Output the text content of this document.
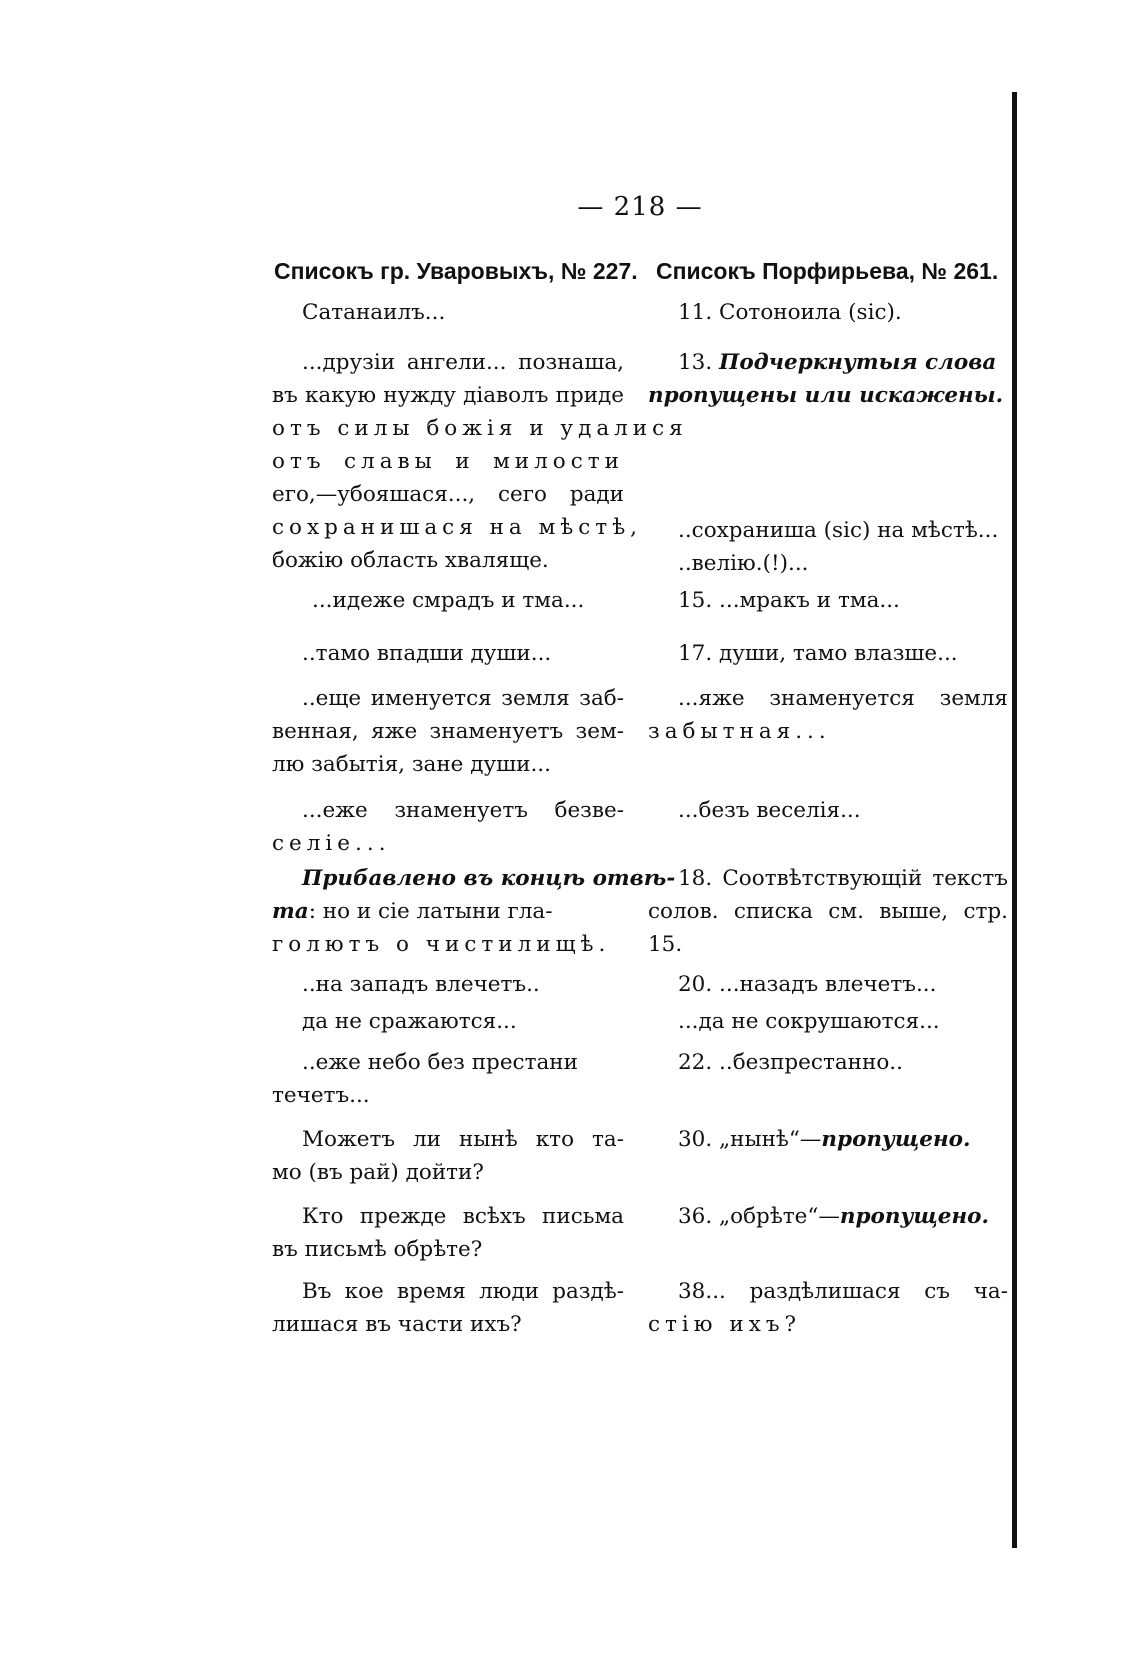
— 218 —
Списокъ гр. Уваровыхъ, № 227. Списокъ Порфирьева, № 261.
Сатанаилъ...
...друзіи ангели... познаша,
въ какую нужду діаволъ приде
отъ силы божія и удалися
отъ славы и милости
его,—убояшася..., сего ради
сохранишася на мѣстѣ,
божію область хваляще.
...идеже смрадъ и тма...
..тамо впадши души...
..еще именуется земля заб-
венная, яже знаменуетъ зем-
лю забытія, зане души...
...еже знаменуетъ безве-
селіе...
Прибавлено въ концѣ отвѣ-
та: но и сіе латыни гла-
голютъ о чистилищѣ.
..на западъ влечетъ..
да не сражаются...
..еже небо без престани
течетъ...
Можетъ ли нынѣ кто та-
мо (въ рай) дойти?
Кто прежде всѣхъ письма
въ письмѣ обрѣте?
Въ кое время люди раздѣ-
лишася въ части ихъ?
11. Сотоноила (sic).
13. Подчеркнутыя слова
пропущены или искажены.
..сохраниша (sic) на мѣстѣ...
..велію.(!)...
15. ...мракъ и тма...
17. души, тамо влазше...
...яже знаменуется земля
забытная...
...безъ веселія...
18. Соотвѣтствующій текстъ
солов. списка см. выше, стр.
15.
20. ...назадъ влечетъ...
...да не сокрушаются...
22. ..безпрестанно..
30. „нынѣ“—пропущено.
36. „обрѣте“—пропущено.
38... раздѣлишася съ ча-
стію ихъ?
